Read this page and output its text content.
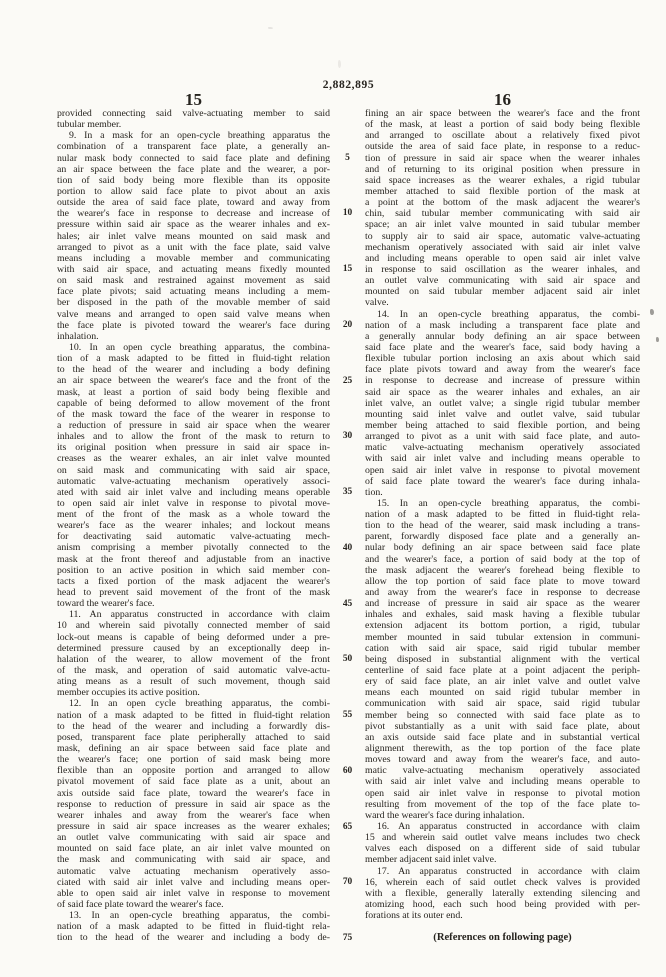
2,882,895
15	16
provided connecting said valve-actuating member to said
tubular member.
9. In a mask for an open-cycle breathing apparatus the
combination of a transparent face plate, a generally an-
nular mask body connected to said face plate and defining
an air space between the face plate and the wearer, a por-
tion of said body being more flexible than its opposite
portion to allow said face plate to pivot about an axis
outside the area of said face plate, toward and away from
the wearer's face in response to decrease and increase of
pressure within said air space as the wearer inhales and ex-
hales; air inlet valve means mounted on said mask and
arranged to pivot as a unit with the face plate, said valve
means including a movable member and communicating
with said air space, and actuating means fixedly mounted
on said mask and restrained against movement as said
face plate pivots; said actuating means including a mem-
ber disposed in the path of the movable member of said
valve means and arranged to open said valve means when
the face plate is pivoted toward the wearer's face during
inhalation.
10. In an open cycle breathing apparatus, the combina-
tion of a mask adapted to be fitted in fluid-tight relation
to the head of the wearer and including a body defining
an air space between the wearer's face and the front of the
mask, at least a portion of said body being flexible and
capable of being deformed to allow movement of the front
of the mask toward the face of the wearer in response to
a reduction of pressure in said air space when the wearer
inhales and to allow the front of the mask to return to
its original position when pressure in said air space in-
creases as the wearer exhales, an air inlet valve mounted
on said mask and communicating with said air space,
automatic valve-actuating mechanism operatively associ-
ated with said air inlet valve and including means operable
to open said air inlet valve in response to pivotal move-
ment of the front of the mask as a whole toward the
wearer's face as the wearer inhales; and lockout means
for deactivating said automatic valve-actuating mech-
anism comprising a member pivotally connected to the
mask at the front thereof and adjustable from an inactive
position to an active position in which said member con-
tacts a fixed portion of the mask adjacent the wearer's
head to prevent said movement of the front of the mask
toward the wearer's face.
11. An apparatus constructed in accordance with claim
10 and wherein said pivotally connected member of said
lock-out means is capable of being deformed under a pre-
determined pressure caused by an exceptionally deep in-
halation of the wearer, to allow movement of the front
of the mask, and operation of said automatic valve-actu-
ating means as a result of such movement, though said
member occupies its active position.
12. In an open cycle breathing apparatus, the combi-
nation of a mask adapted to be fitted in fluid-tight relation
to the head of the wearer and including a forwardly dis-
posed, transparent face plate peripherally attached to said
mask, defining an air space between said face plate and
the wearer's face; one portion of said mask being more
flexible than an opposite portion and arranged to allow
pivatol movement of said face plate as a unit, about an
axis outside said face plate, toward the wearer's face in
response to reduction of pressure in said air space as the
wearer inhales and away from the wearer's face when
pressure in said air space increases as the wearer exhales;
an outlet valve communicating with said air space and
mounted on said face plate, an air inlet valve mounted on
the mask and communicating with said air space, and
automatic valve actuating mechanism operatively asso-
ciated with said air inlet valve and including means oper-
able to open said air inlet valve in response to movement
of said face plate toward the wearer's face.
13. In an open-cycle breathing apparatus, the combi-
nation of a mask adapted to be fitted in fluid-tight rela-
tion to the head of the wearer and including a body de-
5
10
15
20
25
30
35
40
45
50
55
60
65
70
75
fining an air space between the wearer's face and the front
of the mask, at least a portion of said body being flexible
and arranged to oscillate about a relatively fixed pivot
outside the area of said face plate, in response to a reduc-
tion of pressure in said air space when the wearer inhales
and of returning to its original position when pressure in
said space increases as the wearer exhales, a rigid tubular
member attached to said flexible portion of the mask at
a point at the bottom of the mask adjacent the wearer's
chin, said tubular member communicating with said air
space; an air inlet valve mounted in said tubular member
to supply air to said air space, automatic valve-actuating
mechanism operatively associated with said air inlet valve
and including means operable to open said air inlet valve
in response to said oscillation as the wearer inhales, and
an outlet valve communicating with said air space and
mounted on said tubular member adjacent said air inlet
valve.
14. In an open-cycle breathing apparatus, the combi-
nation of a mask including a transparent face plate and
a generally annular body defining an air space between
said face plate and the wearer's face, said body having a
flexible tubular portion inclosing an axis about which said
face plate pivots toward and away from the wearer's face
in response to decrease and increase of pressure within
said air space as the wearer inhales and exhales, an air
inlet valve, an outlet valve; a single rigid tubular member
mounting said inlet valve and outlet valve, said tubular
member being attached to said flexible portion, and being
arranged to pivot as a unit with said face plate, and auto-
matic valve-actuating mechanism operatively associated
with said air inlet valve and including means operable to
open said air inlet valve in response to pivotal movement
of said face plate toward the wearer's face during inhala-
tion.
15. In an open-cycle breathing apparatus, the combi-
nation of a mask adapted to be fitted in fluid-tight rela-
tion to the head of the wearer, said mask including a trans-
parent, forwardly disposed face plate and a generally an-
nular body defining an air space between said face plate
and the wearer's face, a portion of said body at the top of
the mask adjacent the wearer's forehead being flexible to
allow the top portion of said face plate to move toward
and away from the wearer's face in response to decrease
and increase of pressure in said air space as the wearer
inhales and exhales, said mask having a flexible tubular
extension adjacent its bottom portion, a rigid, tubular
member mounted in said tubular extension in communi-
cation with said air space, said rigid tubular member
being disposed in substantial alignment with the vertical
centerline of said face plate at a point adjacent the periph-
ery of said face plate, an air inlet valve and outlet valve
means each mounted on said rigid tubular member in
communication with said air space, said rigid tubular
member being so connected with said face plate as to
pivot substantially as a unit with said face plate, about
an axis outside said face plate and in substantial vertical
alignment therewith, as the top portion of the face plate
moves toward and away from the wearer's face, and auto-
matic valve-actuating mechanism operatively associated
with said air inlet valve and including means operable to
open said air inlet valve in response to pivotal motion
resulting from movement of the top of the face plate to-
ward the wearer's face during inhalation.
16. An apparatus constructed in accordance with claim
15 and wherein said outlet valve means includes two check
valves each disposed on a different side of said tubular
member adjacent said inlet valve.
17. An apparatus constructed in accordance with claim
16, wherein each of said outlet check valves is provided
with a flexible, generally laterally extending silencing and
atomizing hood, each such hood being provided with per-
forations at its outer end.
(References on following page)
